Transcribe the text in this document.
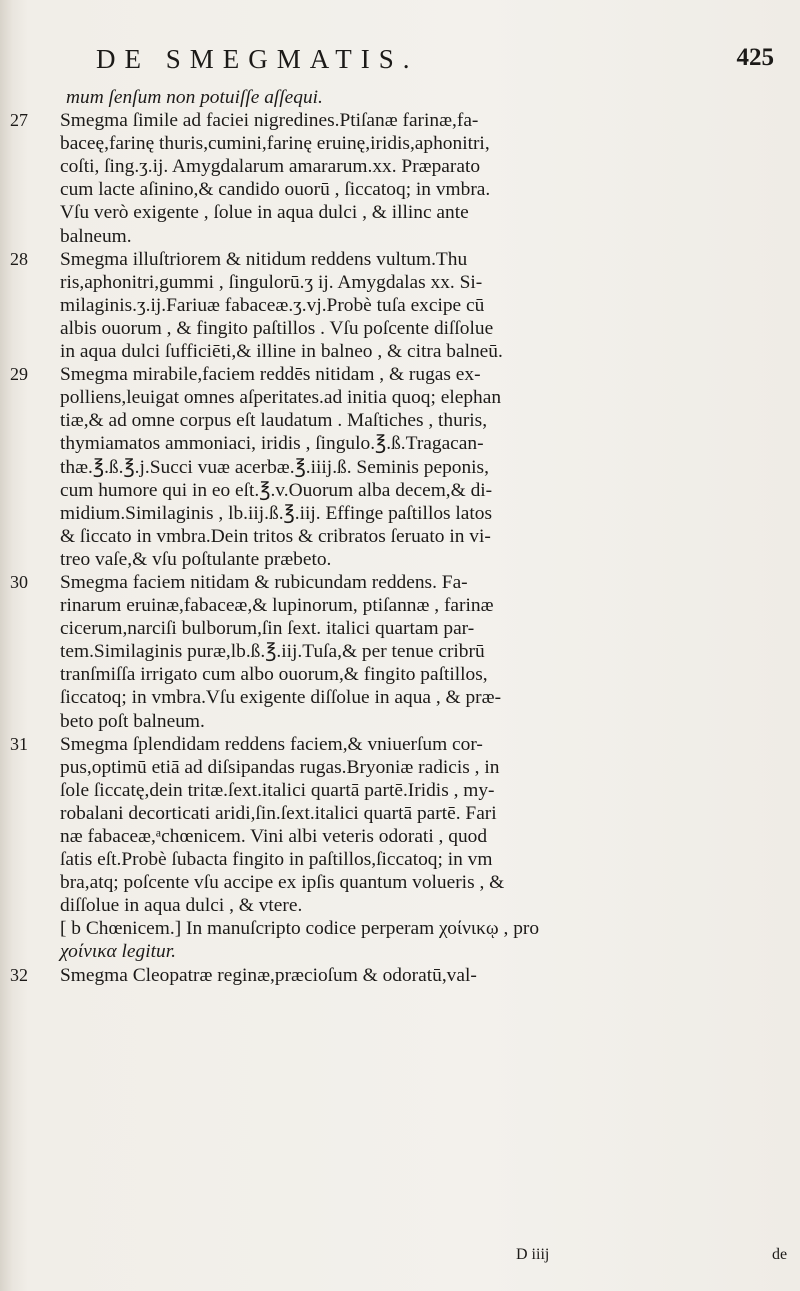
DE SMEGMATIS.	425
mum ſenſum non potuiſſe aſſequi.
27	Smegma ſimile ad faciei nigredines.Ptiſanæ farinæ,fa-
baceę,farinę thuris,cumini,farinę eruinę,iridis,aphonitri,
coſti, ſing.ʒ.ij. Amygdalarum amararum.xx. Præparato
cum lacte aſinino,& candido ouorū , ſiccatoq; in vmbra.
Vſu verò exigente , ſolue in aqua dulci , & illinc ante
balneum.
28	Smegma illuſtriorem & nitidum reddens vultum.Thu
ris,aphonitri,gummi , ſingulorū.ʒ ij. Amygdalas xx. Si-
milaginis.ʒ.ij.Fariuæ fabaceæ.ʒ.vj.Probè tuſa excipe cū
albis ouorum , & fingito paſtillos . Vſu poſcente diſſolue
in aqua dulci ſufficiēti,& illine in balneo , & citra balneū.
29	Smegma mirabile,faciem reddēs nitidam , & rugas ex-
polliens,leuigat omnes aſperitates.ad initia quoq; elephan
tiæ,& ad omne corpus eſt laudatum . Maſtiches , thuris,
thymiamatos ammoniaci, iridis , ſingulo.℥.ß.Tragacan-
thæ.℥.ß.℥.j.Succi vuæ acerbæ.℥.iiij.ß. Seminis peponis,
cum humore qui in eo eſt.℥.v.Ouorum alba decem,& di-
midium.Similaginis , lb.iij.ß.℥.iij. Effinge paſtillos latos
& ſiccato in vmbra.Dein tritos & cribratos ſeruato in vi-
treo vaſe,& vſu poſtulante præbeto.
30	Smegma faciem nitidam & rubicundam reddens. Fa-
rinarum eruinæ,fabaceæ,& lupinorum, ptiſannæ , farinæ
cicerum,narciſi bulborum,ſin ſext. italici quartam par-
tem.Similaginis puræ,lb.ß.℥.iij.Tuſa,& per tenue cribrū
tranſmiſſa irrigato cum albo ouorum,& fingito paſtillos,
ſiccatoq; in vmbra.Vſu exigente diſſolue in aqua , & præ-
beto poſt balneum.
31	Smegma ſplendidam reddens faciem,& vniuerſum cor-
pus,optimū etiā ad diſsipandas rugas.Bryoniæ radicis , in
ſole ſiccatę,dein tritæ.ſext.italici quartā partē.Iridis , my-
robalani decorticati aridi,ſin.ſext.italici quartā partē. Fari
næ fabaceæ,ᵃchœnicem. Vini albi veteris odorati , quod
ſatis eſt.Probè ſubacta fingito in paſtillos,ſiccatoq; in vm
bra,atq; poſcente vſu accipe ex ipſis quantum volueris , &
diſſolue in aqua dulci , & vtere.
[ b Chœnicem.] In manuſcripto codice perperam χοίνικῳ , pro
χοίνικα legitur.
32	Smegma Cleopatræ reginæ,præcioſum & odoratū,val-
D iiij	de
